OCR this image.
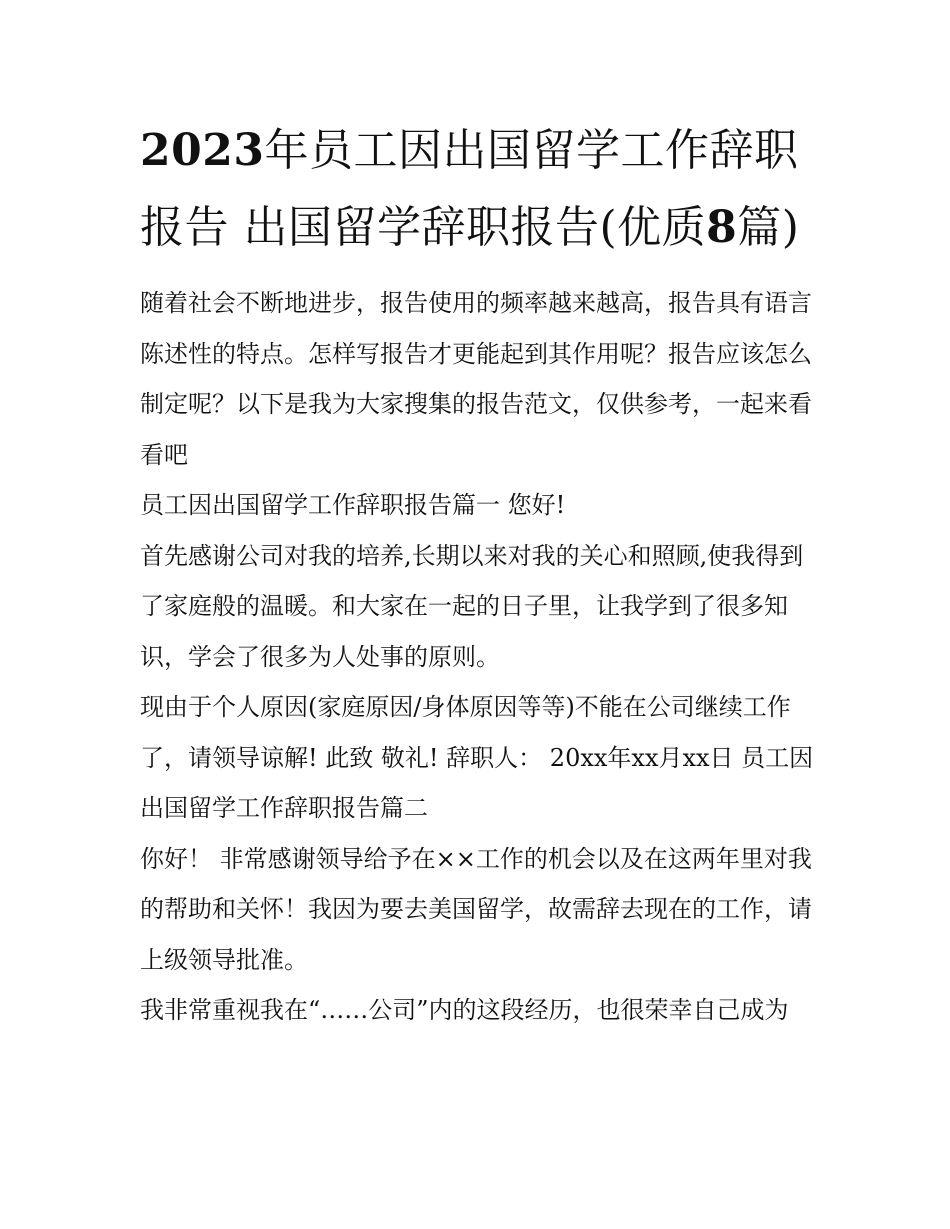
2023年员工因出国留学工作辞职报告 出国留学辞职报告(优质8篇)

随着社会不断地进步，报告使用的频率越来越高，报告具有语言陈述性的特点。怎样写报告才更能起到其作用呢？报告应该怎么制定呢？以下是我为大家搜集的报告范文，仅供参考，一起来看看吧

员工因出国留学工作辞职报告篇一 您好!

首先感谢公司对我的培养,长期以来对我的关心和照顾,使我得到了家庭般的温暖。和大家在一起的日子里，让我学到了很多知识，学会了很多为人处事的原则。

现由于个人原因(家庭原因/身体原因等等)不能在公司继续工作了，请领导谅解! 此致 敬礼! 辞职人： 20xx年xx月xx日 员工因出国留学工作辞职报告篇二

你好！ 非常感谢领导给予在××工作的机会以及在这两年里对我的帮助和关怀！我因为要去美国留学，故需辞去现在的工作，请上级领导批准。

我非常重视我在“……公司”内的这段经历，也很荣幸自己成为
